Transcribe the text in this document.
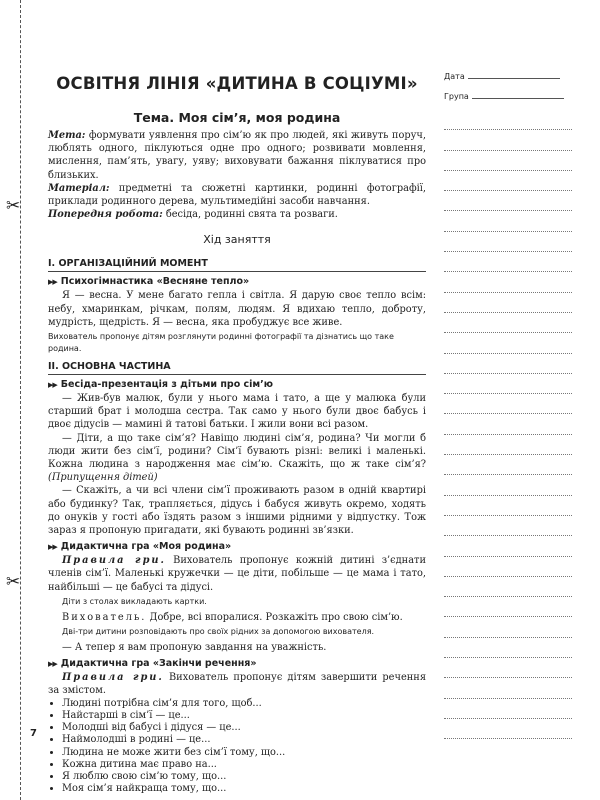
✂
✂
ОСВІТНЯ ЛІНІЯ «ДИТИНА В СОЦІУМІ»
Тема. Моя сім’я, моя родина

Мета: формувати уявлення про сім’ю як про людей, які живуть поруч, люблять одного, піклуються одне про одного; розвивати мовлення, мислення, пам’ять, увагу, уяву; виховувати бажання піклуватися про близьких.

Матеріал: предметні та сюжетні картинки, родинні фотографії, приклади родинного дерева, мультимедійні засоби навчання.

Попередня робота: бесіда, родинні свята та розваги.

Хід заняття
І. ОРГАНІЗАЦІЙНИЙ МОМЕНТ
▶▶ Психогімнастика «Весняне тепло»

Я — весна. У мене багато гепла і світла. Я дарую своє тепло всім: небу, хмаринкам, річкам, полям, людям. Я вдихаю тепло, доброту, мудрість, щедрість. Я — весна, яка пробуджує все живе.

Вихователь пропонує дітям розглянути родинні фотографії та дізнатись що таке родина.
ІІ. ОСНОВНА ЧАСТИНА
▶▶ Бесіда-презентація з дітьми про сім’ю

— Жив-був малюк, були у нього мама і тато, а ще у малюка були старший брат і молодша сестра. Так само у нього були двоє бабусь і двоє дідусів — мамині й татові батьки. І жили вони всі разом.

— Діти, а що таке сім’я? Навіщо людині сім’я, родина? Чи могли б люди жити без сім’ї, родини? Сім’ї бувають різні: великі і маленькі. Кожна людина з народження має сім’ю. Скажіть, що ж таке сім’я? (Припущення дітей)

— Скажіть, а чи всі члени сім’ї проживають разом в одній квартирі або будинку? Так, трапляється, дідусь і бабуся живуть окремо, ходять до онуків у гості або їздять разом з іншими рідними у відпустку. Тож зараз я пропоную пригадати, які бувають родинні зв’язки.

▶▶ Дидактична гра «Моя родина»

Правила гри. Вихователь пропонує кожній дитині з’єднати членів сім’ї. Маленькі кружечки — це діти, побільше — це мама і тато, найбільші — це бабусі та дідусі.

Діти з столах викладають картки.

Вихователь. Добре, всі впоралися. Розкажіть про свою сім’ю.

Дві-три дитини розповідають про своїх рідних за допомогою вихователя.

— А тепер я вам пропоную завдання на уважність.

▶▶ Дидактична гра «Закінчи речення»

Правила гри. Вихователь пропонує дітям завершити речення за змістом.

• Людині потрібна сім’я для того, щоб...
• Найстарші в сім’ї — це...
• Молодші від бабусі і дідуся — це...
• Наймолодші в родині — це...
• Людина не може жити без сім’ї тому, що...
• Кожна дитина має право на...
• Я люблю свою сім’ю тому, що...
• Моя сім’я найкраща тому, що...
Дата
Група
7
